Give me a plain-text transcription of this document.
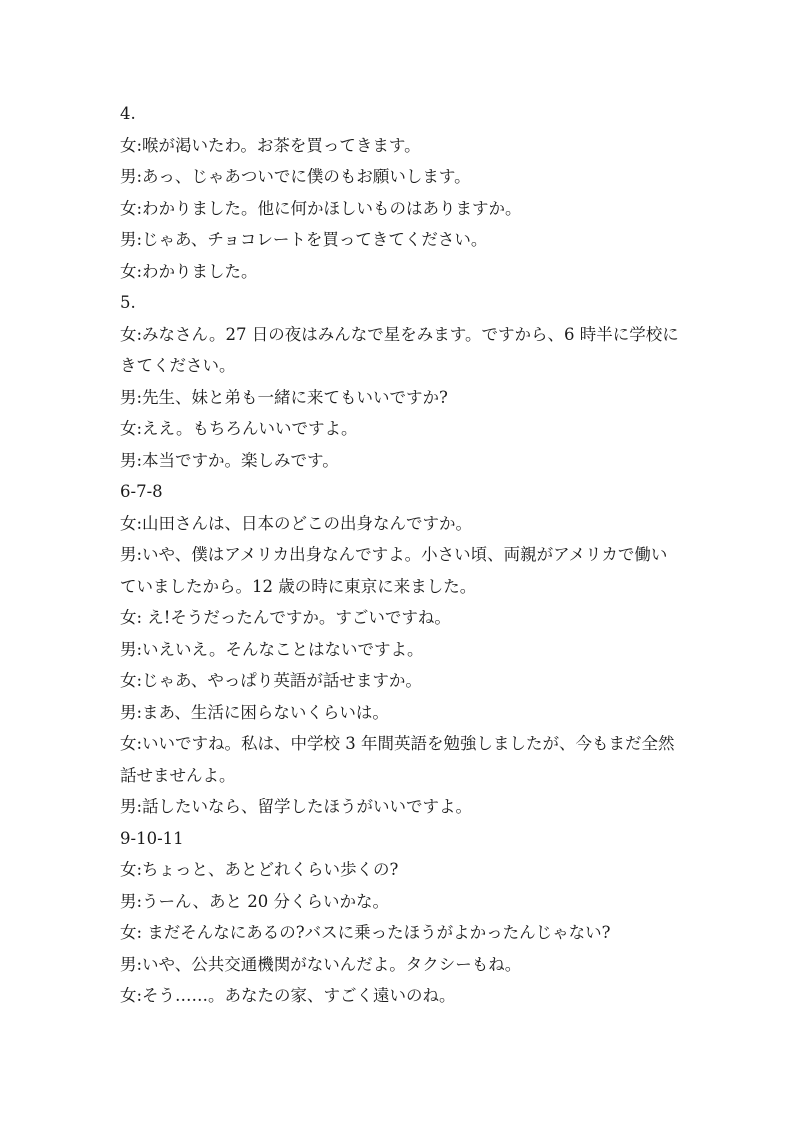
4.
女:喉が渇いたわ。お茶を買ってきます。
男:あっ、じゃあついでに僕のもお願いします。
女:わかりました。他に何かほしいものはありますか。
男:じゃあ、チョコレートを買ってきてください。
女:わかりました。
5.
女:みなさん。27 日の夜はみんなで星をみます。ですから、6 時半に学校にきてください。
男:先生、妹と弟も一緒に来てもいいですか?
女:ええ。もちろんいいですよ。
男:本当ですか。楽しみです。
6-7-8
女:山田さんは、日本のどこの出身なんですか。
男:いや、僕はアメリカ出身なんですよ。小さい頃、両親がアメリカで働いていましたから。12 歳の時に東京に来ました。
女: え!そうだったんですか。すごいですね。
男:いえいえ。そんなことはないですよ。
女:じゃあ、やっぱり英語が話せますか。
男:まあ、生活に困らないくらいは。
女:いいですね。私は、中学校 3 年間英語を勉強しましたが、今もまだ全然話せませんよ。
男:話したいなら、留学したほうがいいですよ。
9-10-11
女:ちょっと、あとどれくらい歩くの?
男:うーん、あと 20 分くらいかな。
女: まだそんなにあるの?バスに乗ったほうがよかったんじゃない?
男:いや、公共交通機関がないんだよ。タクシーもね。
女:そう……。あなたの家、すごく遠いのね。
